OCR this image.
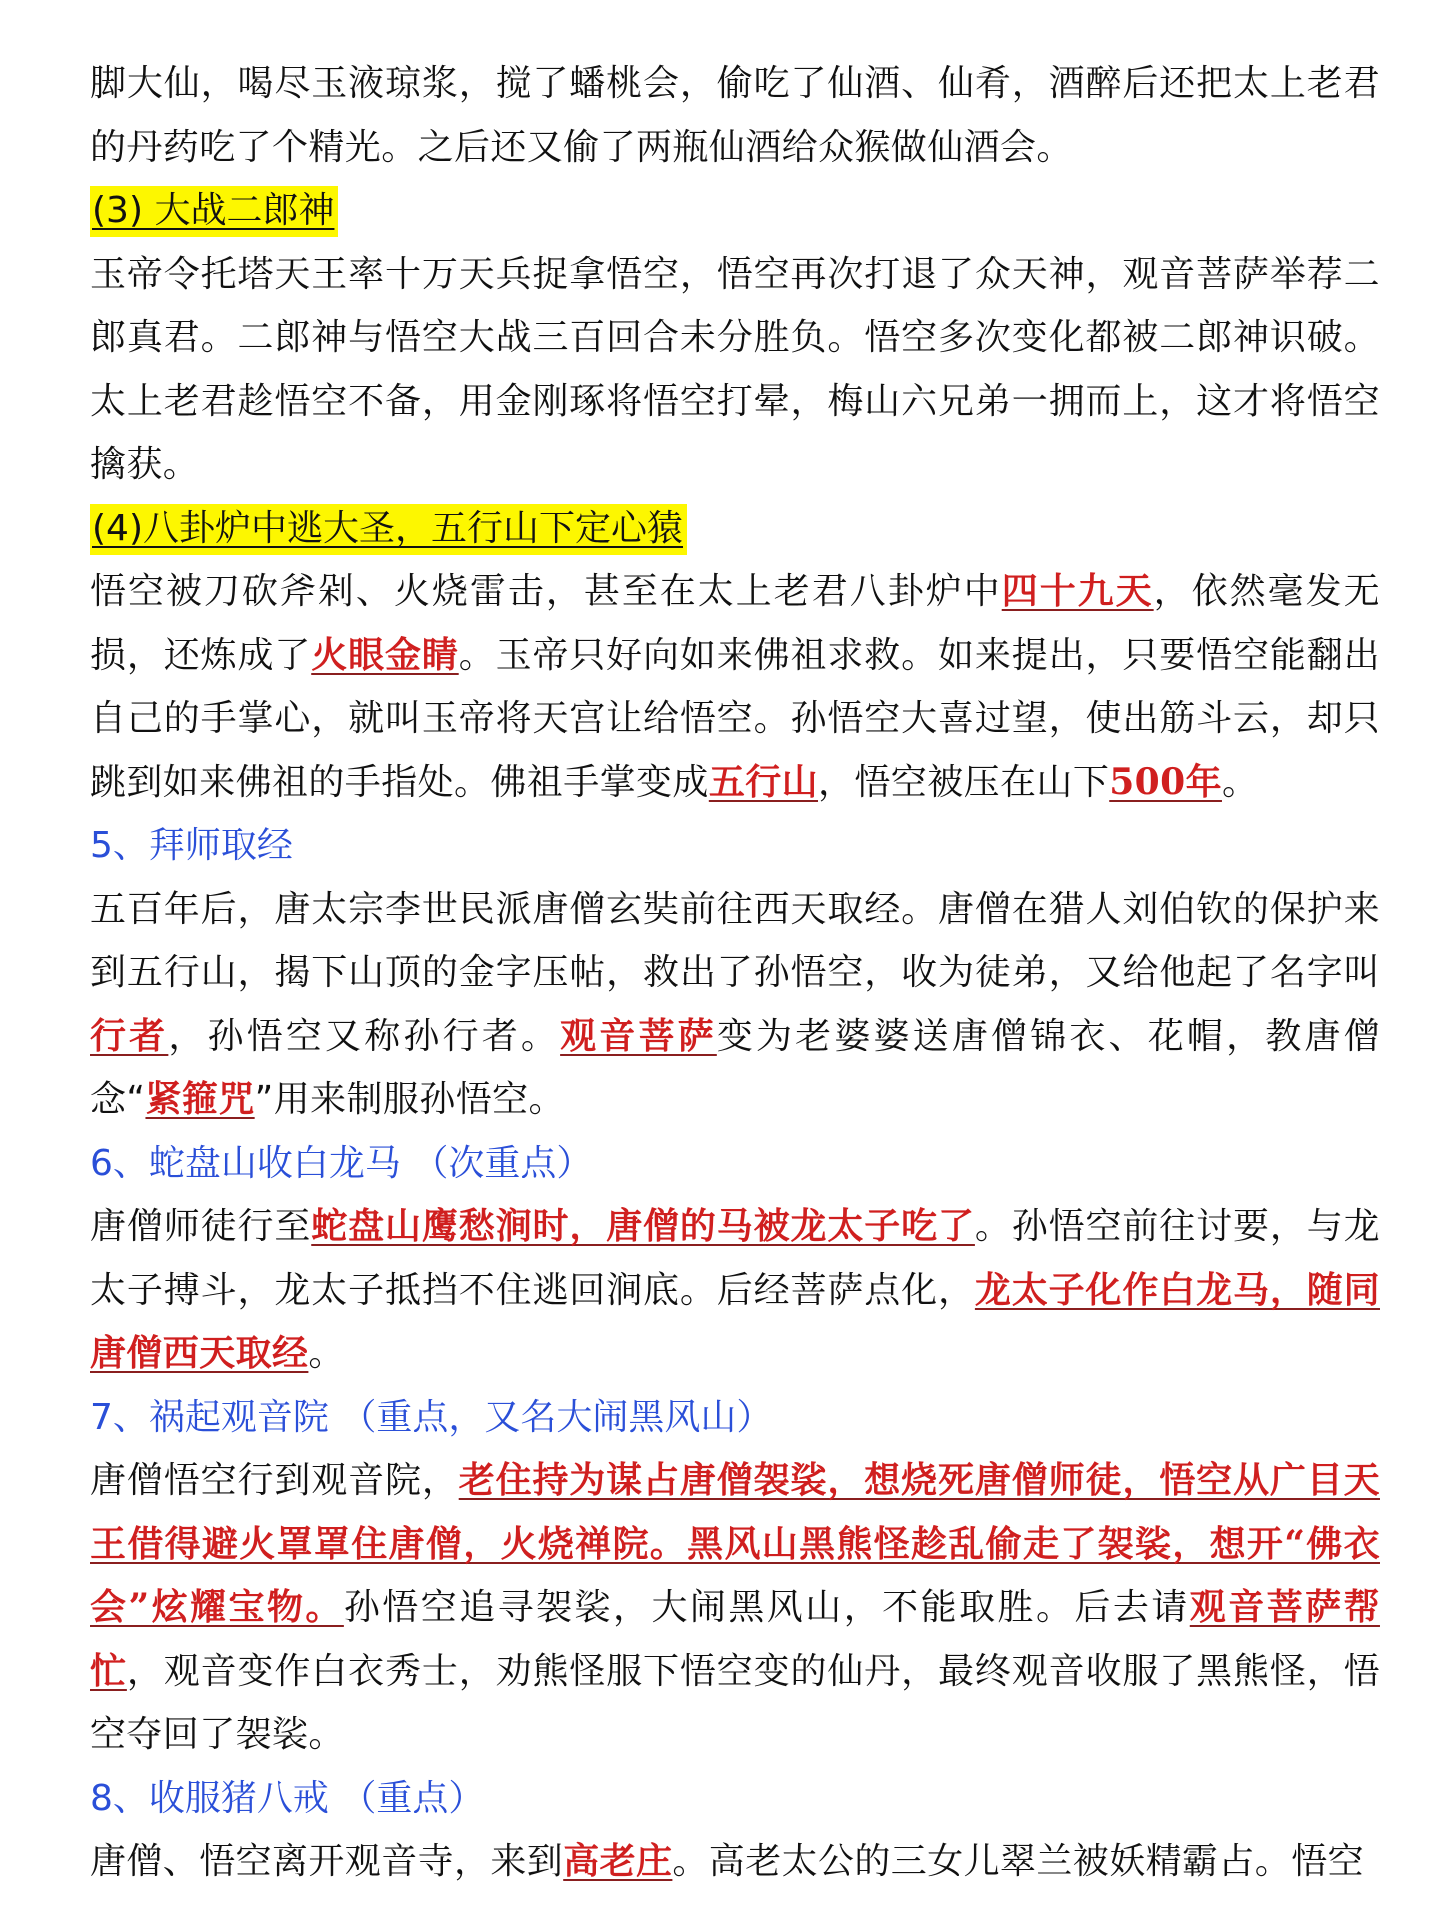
脚大仙，喝尽玉液琼浆，搅了蟠桃会，偷吃了仙酒、仙肴，酒醉后还把太上老君的丹药吃了个精光。之后还又偷了两瓶仙酒给众猴做仙酒会。

(3) 大战二郎神

玉帝令托塔天王率十万天兵捉拿悟空，悟空再次打退了众天神，观音菩萨举荐二郎真君。二郎神与悟空大战三百回合未分胜负。悟空多次变化都被二郎神识破。太上老君趁悟空不备，用金刚琢将悟空打晕，梅山六兄弟一拥而上，这才将悟空擒获。

(4)八卦炉中逃大圣，五行山下定心猿

悟空被刀砍斧剁、火烧雷击，甚至在太上老君八卦炉中四十九天，依然毫发无损，还炼成了火眼金睛。玉帝只好向如来佛祖求救。如来提出，只要悟空能翻出自己的手掌心，就叫玉帝将天宫让给悟空。孙悟空大喜过望，使出筋斗云，却只跳到如来佛祖的手指处。佛祖手掌变成五行山，悟空被压在山下500年。

5、拜师取经

五百年后，唐太宗李世民派唐僧玄奘前往西天取经。唐僧在猎人刘伯钦的保护来到五行山，揭下山顶的金字压帖，救出了孙悟空，收为徒弟，又给他起了名字叫行者，孙悟空又称孙行者。观音菩萨变为老婆婆送唐僧锦衣、花帽，教唐僧念“紧箍咒”用来制服孙悟空。

6、蛇盘山收白龙马 （次重点）

唐僧师徒行至蛇盘山鹰愁涧时，唐僧的马被龙太子吃了。孙悟空前往讨要，与龙太子搏斗，龙太子抵挡不住逃回涧底。后经菩萨点化，龙太子化作白龙马，随同唐僧西天取经。

7、祸起观音院 （重点，又名大闹黑风山）

唐僧悟空行到观音院，老住持为谋占唐僧袈裟，想烧死唐僧师徒，悟空从广目天王借得避火罩罩住唐僧，火烧禅院。黑风山黑熊怪趁乱偷走了袈裟，想开“佛衣会”炫耀宝物。孙悟空追寻袈裟，大闹黑风山，不能取胜。后去请观音菩萨帮忙，观音变作白衣秀士，劝熊怪服下悟空变的仙丹，最终观音收服了黑熊怪，悟空夺回了袈裟。

8、收服猪八戒 （重点）

唐僧、悟空离开观音寺，来到高老庄。高老太公的三女儿翠兰被妖精霸占。悟空
